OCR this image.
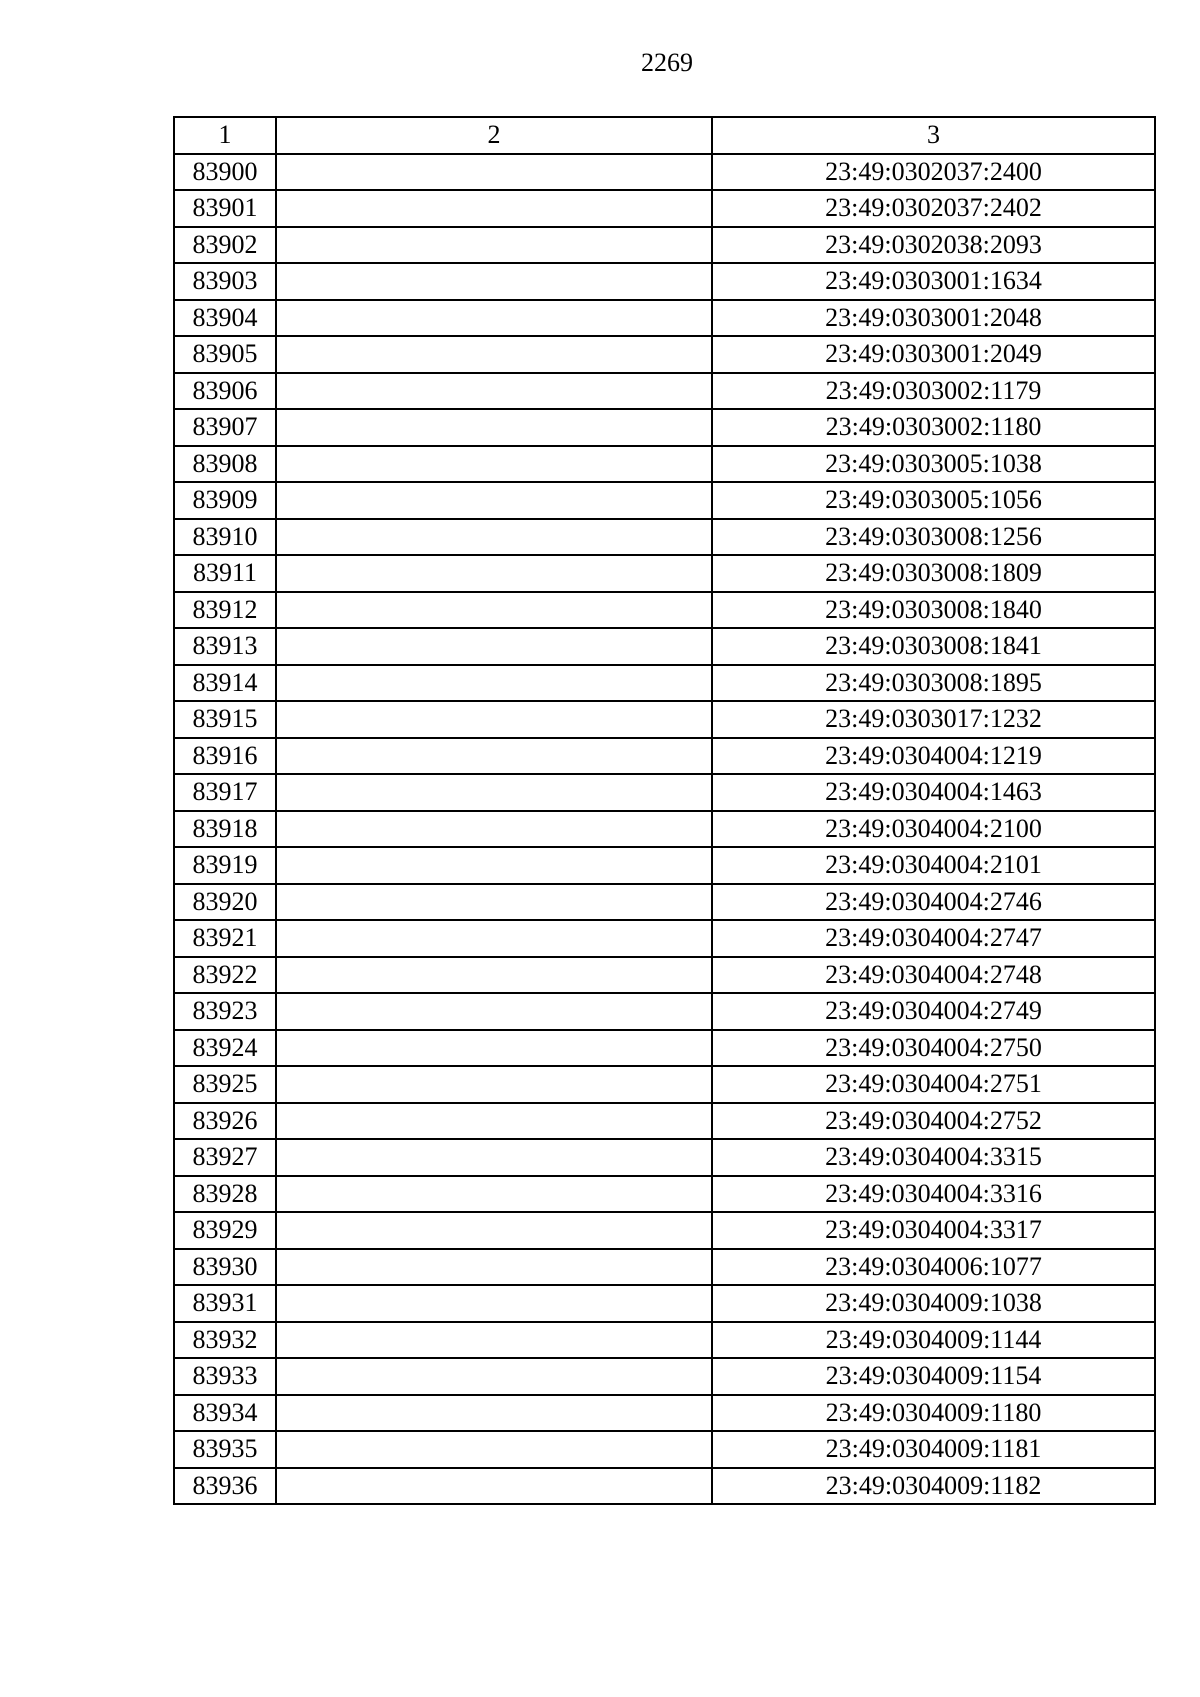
2269
1	2	3
83900		23:49:0302037:2400
83901		23:49:0302037:2402
83902		23:49:0302038:2093
83903		23:49:0303001:1634
83904		23:49:0303001:2048
83905		23:49:0303001:2049
83906		23:49:0303002:1179
83907		23:49:0303002:1180
83908		23:49:0303005:1038
83909		23:49:0303005:1056
83910		23:49:0303008:1256
83911		23:49:0303008:1809
83912		23:49:0303008:1840
83913		23:49:0303008:1841
83914		23:49:0303008:1895
83915		23:49:0303017:1232
83916		23:49:0304004:1219
83917		23:49:0304004:1463
83918		23:49:0304004:2100
83919		23:49:0304004:2101
83920		23:49:0304004:2746
83921		23:49:0304004:2747
83922		23:49:0304004:2748
83923		23:49:0304004:2749
83924		23:49:0304004:2750
83925		23:49:0304004:2751
83926		23:49:0304004:2752
83927		23:49:0304004:3315
83928		23:49:0304004:3316
83929		23:49:0304004:3317
83930		23:49:0304006:1077
83931		23:49:0304009:1038
83932		23:49:0304009:1144
83933		23:49:0304009:1154
83934		23:49:0304009:1180
83935		23:49:0304009:1181
83936		23:49:0304009:1182
